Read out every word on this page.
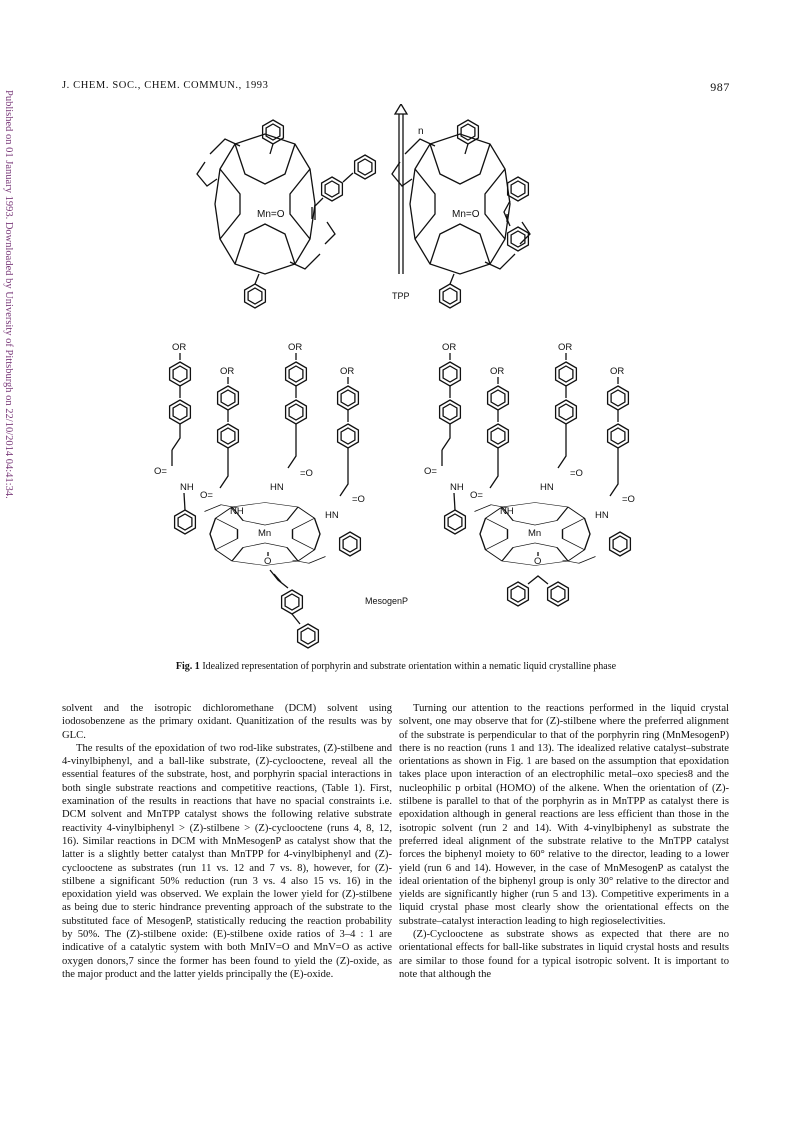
Published on 01 January 1993. Downloaded by University of Pittsburgh on 22/10/2014 04:41:34.
J. CHEM. SOC., CHEM. COMMUN., 1993	987
Mn=O
n
Mn=O
TPP
OR
O=
NH
OR
O=
OR
=O
HN
OR
=O
HN
NH
Mn
O
OR
O=
NH
OR
O=
OR
=O
HN
OR
=O
HN
NH
Mn
O
MesogenP
Fig. 1 Idealized representation of porphyrin and substrate orientation within a nematic liquid crystalline phase

solvent and the isotropic dichloromethane (DCM) solvent using iodosobenzene as the primary oxidant. Quanitization of the results was by GLC.

The results of the epoxidation of two rod-like substrates, (Z)-stilbene and 4-vinylbiphenyl, and a ball-like substrate, (Z)-cyclooctene, reveal all the essential features of the substrate, host, and porphyrin spacial interactions in both single substrate reactions and competitive reactions, (Table 1). First, examination of the results in reactions that have no spacial constraints i.e. DCM solvent and MnTPP catalyst shows the following relative substrate reactivity 4-vinylbiphenyl > (Z)-stilbene > (Z)-cyclooctene (runs 4, 8, 12, 16). Similar reactions in DCM with MnMesogenP as catalyst show that the latter is a slightly better catalyst than MnTPP for 4-vinylbiphenyl and (Z)-cyclooctene as substrates (run 11 vs. 12 and 7 vs. 8), however, for (Z)-stilbene a significant 50% reduction (run 3 vs. 4 also 15 vs. 16) in the epoxidation yield was observed. We explain the lower yield for (Z)-stilbene as being due to steric hindrance preventing approach of the substrate to the substituted face of MesogenP, statistically reducing the reaction probability by 50%. The (Z)-stilbene oxide: (E)-stilbene oxide ratios of 3–4 : 1 are indicative of a catalytic system with both MnIV=O and MnV=O as active oxygen donors,7 since the former has been found to yield the (Z)-oxide, as the major product and the latter yields principally the (E)-oxide.

Turning our attention to the reactions performed in the liquid crystal solvent, one may observe that for (Z)-stilbene where the preferred alignment of the substrate is perpendicular to that of the porphyrin ring (MnMesogenP) there is no reaction (runs 1 and 13). The idealized relative catalyst–substrate orientations as shown in Fig. 1 are based on the assumption that epoxidation takes place upon interaction of an electrophilic metal–oxo species8 and the nucleophilic p orbital (HOMO) of the alkene. When the orientation of (Z)-stilbene is parallel to that of the porphyrin as in MnTPP as catalyst there is epoxidation although in general reactions are less efficient than those in the isotropic solvent (run 2 and 14). With 4-vinylbiphenyl as substrate the preferred ideal alignment of the substrate relative to the MnTPP catalyst forces the biphenyl moiety to 60° relative to the director, leading to a lower yield (run 6 and 14). However, in the case of MnMesogenP as catalyst the ideal orientation of the biphenyl group is only 30° relative to the director and yields are significantly higher (run 5 and 13). Competitive experiments in a liquid crystal phase most clearly show the orientational effects on the substrate–catalyst interaction leading to high regioselectivities.

(Z)-Cyclooctene as substrate shows as expected that there are no orientational effects for ball-like substrates in liquid crystal hosts and results are similar to those found for a typical isotropic solvent. It is important to note that although the
